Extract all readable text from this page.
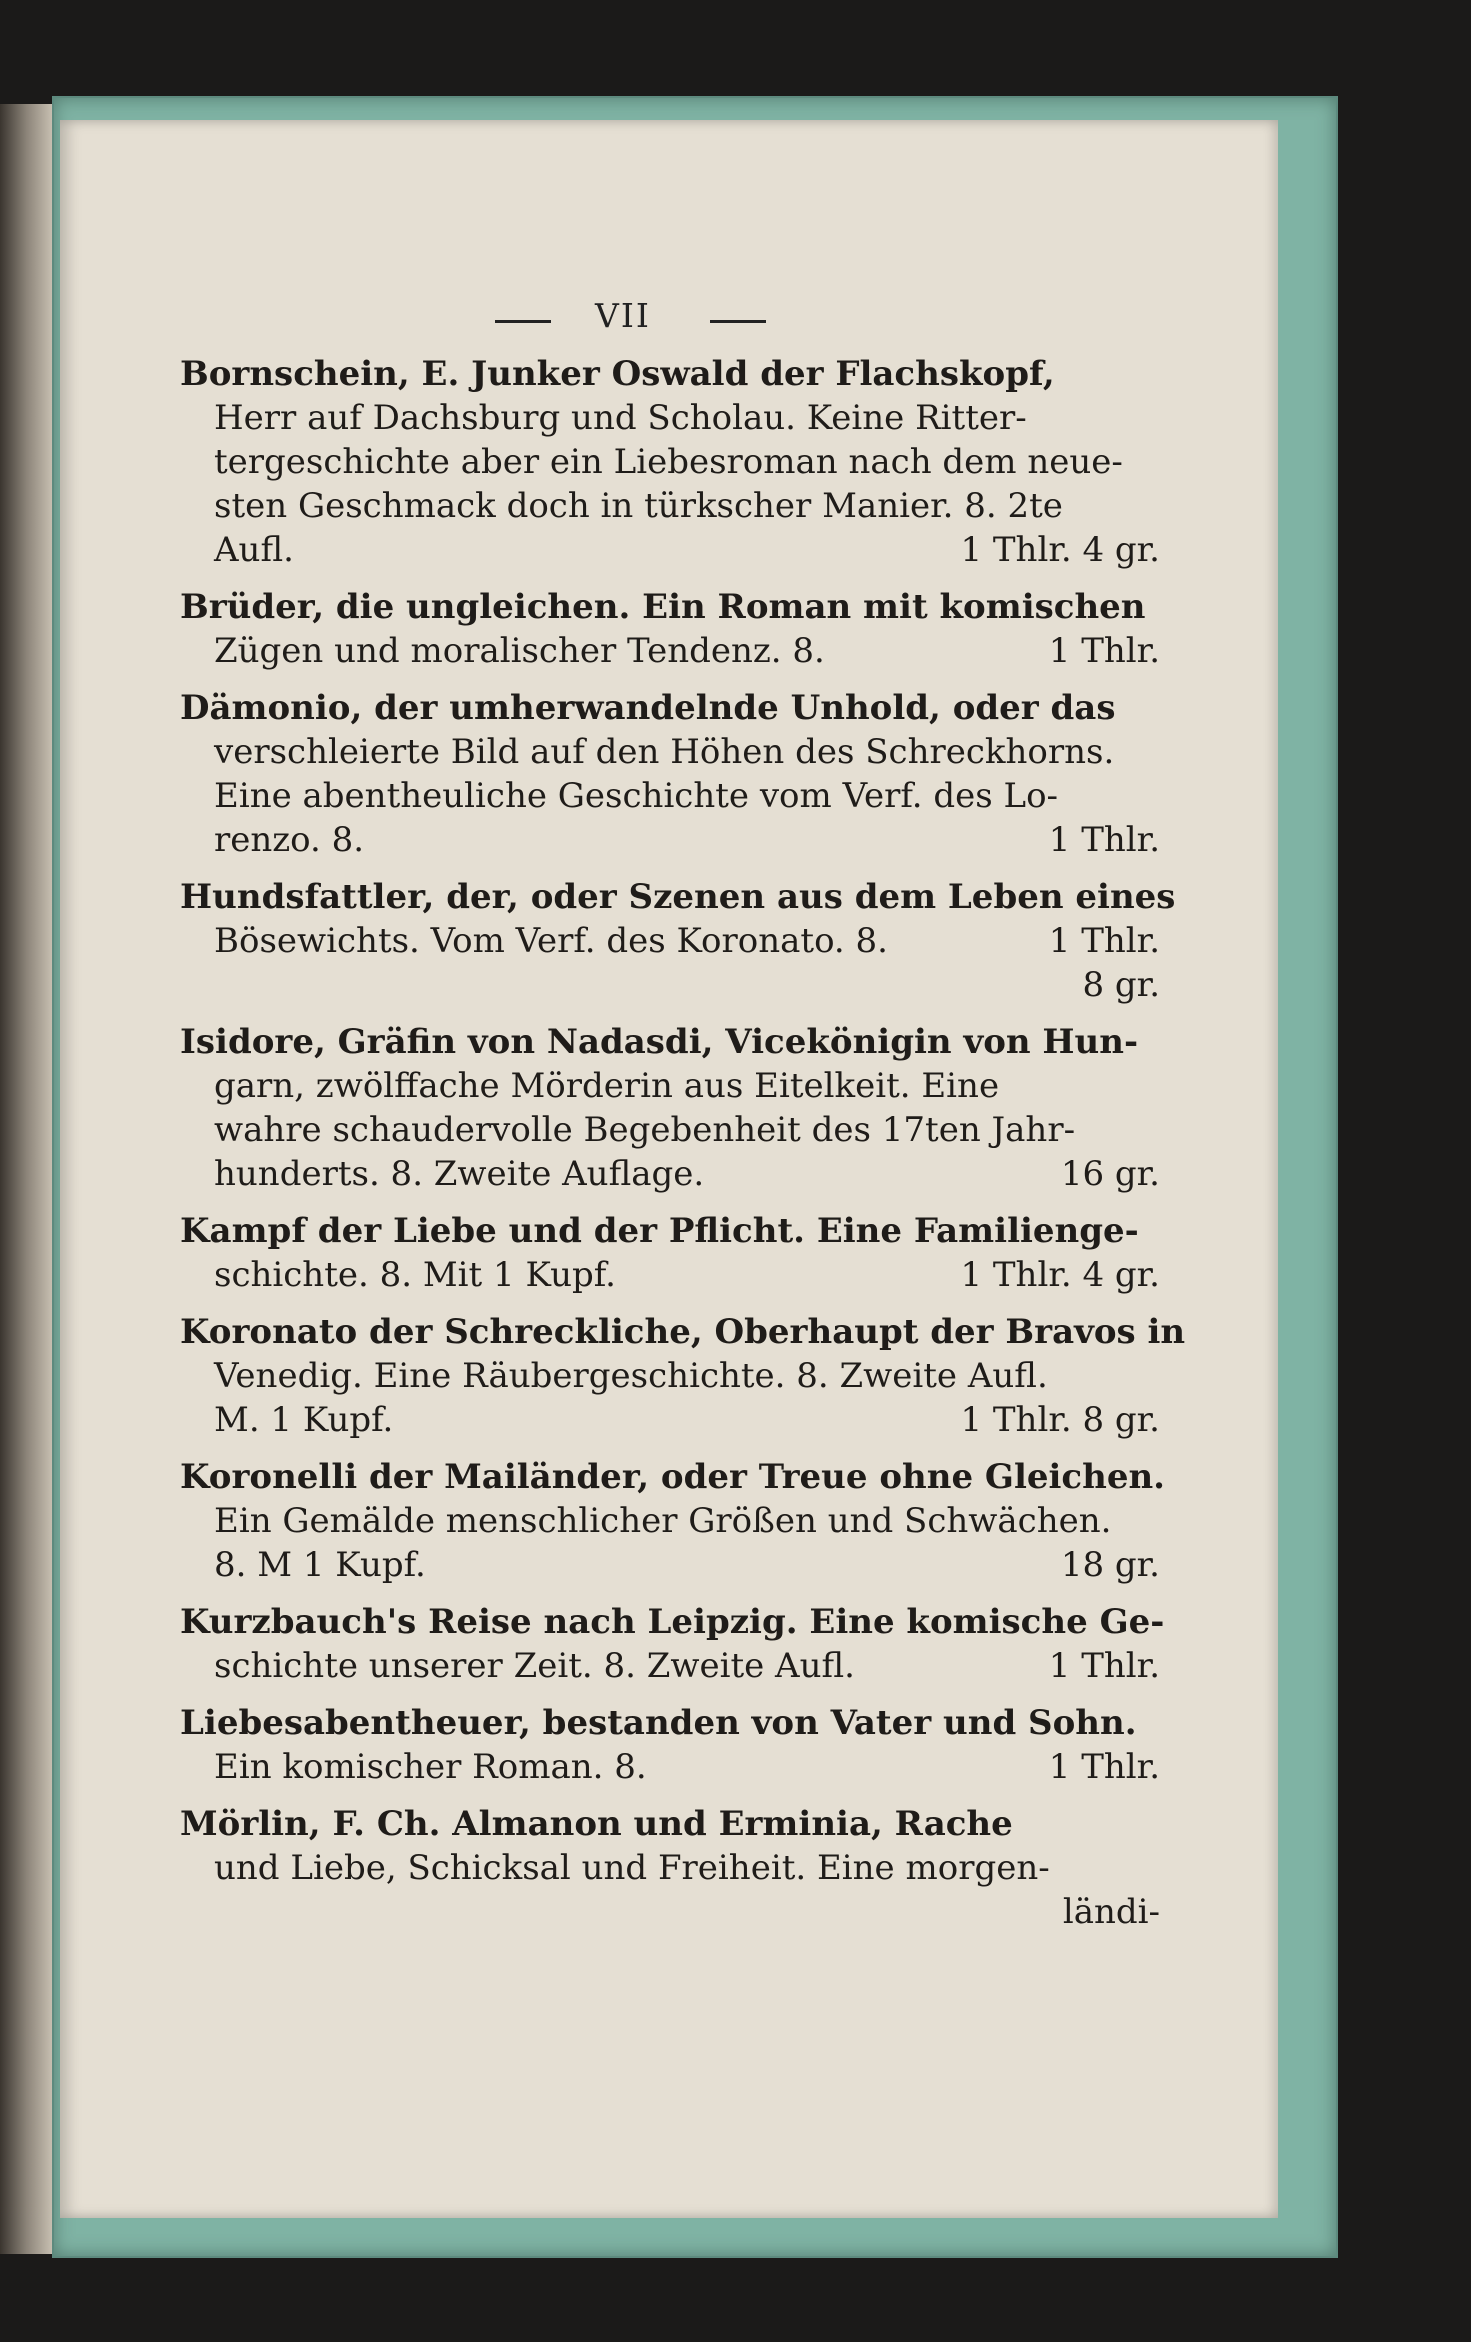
VII
Bornschein, E. Junker Oswald der Flachskopf,
Herr auf Dachsburg und Scholau. Keine Ritter-
tergeschichte aber ein Liebesroman nach dem neue-
sten Geschmack doch in türkscher Manier. 8. 2te
Aufl.	1 Thlr. 4 gr.
Brüder, die ungleichen. Ein Roman mit komischen
Zügen und moralischer Tendenz. 8.	1 Thlr.
Dämonio, der umherwandelnde Unhold, oder das
verschleierte Bild auf den Höhen des Schreckhorns.
Eine abentheuliche Geschichte vom Verf. des Lo-
renzo. 8.	1 Thlr.
Hundsfattler, der, oder Szenen aus dem Leben eines
Bösewichts. Vom Verf. des Koronato. 8.	1 Thlr.
8 gr.
Isidore, Gräfin von Nadasdi, Vicekönigin von Hun-
garn, zwölffache Mörderin aus Eitelkeit. Eine
wahre schaudervolle Begebenheit des 17ten Jahr-
hunderts. 8. Zweite Auflage.	16 gr.
Kampf der Liebe und der Pflicht. Eine Familienge-
schichte. 8. Mit 1 Kupf.	1 Thlr. 4 gr.
Koronato der Schreckliche, Oberhaupt der Bravos in
Venedig. Eine Räubergeschichte. 8. Zweite Aufl.
M. 1 Kupf.	1 Thlr. 8 gr.
Koronelli der Mailänder, oder Treue ohne Gleichen.
Ein Gemälde menschlicher Größen und Schwächen.
8. M 1 Kupf.	18 gr.
Kurzbauch's Reise nach Leipzig. Eine komische Ge-
schichte unserer Zeit. 8. Zweite Aufl.	1 Thlr.
Liebesabentheuer, bestanden von Vater und Sohn.
Ein komischer Roman. 8.	1 Thlr.
Mörlin, F. Ch. Almanon und Erminia, Rache
und Liebe, Schicksal und Freiheit. Eine morgen-
ländi-
